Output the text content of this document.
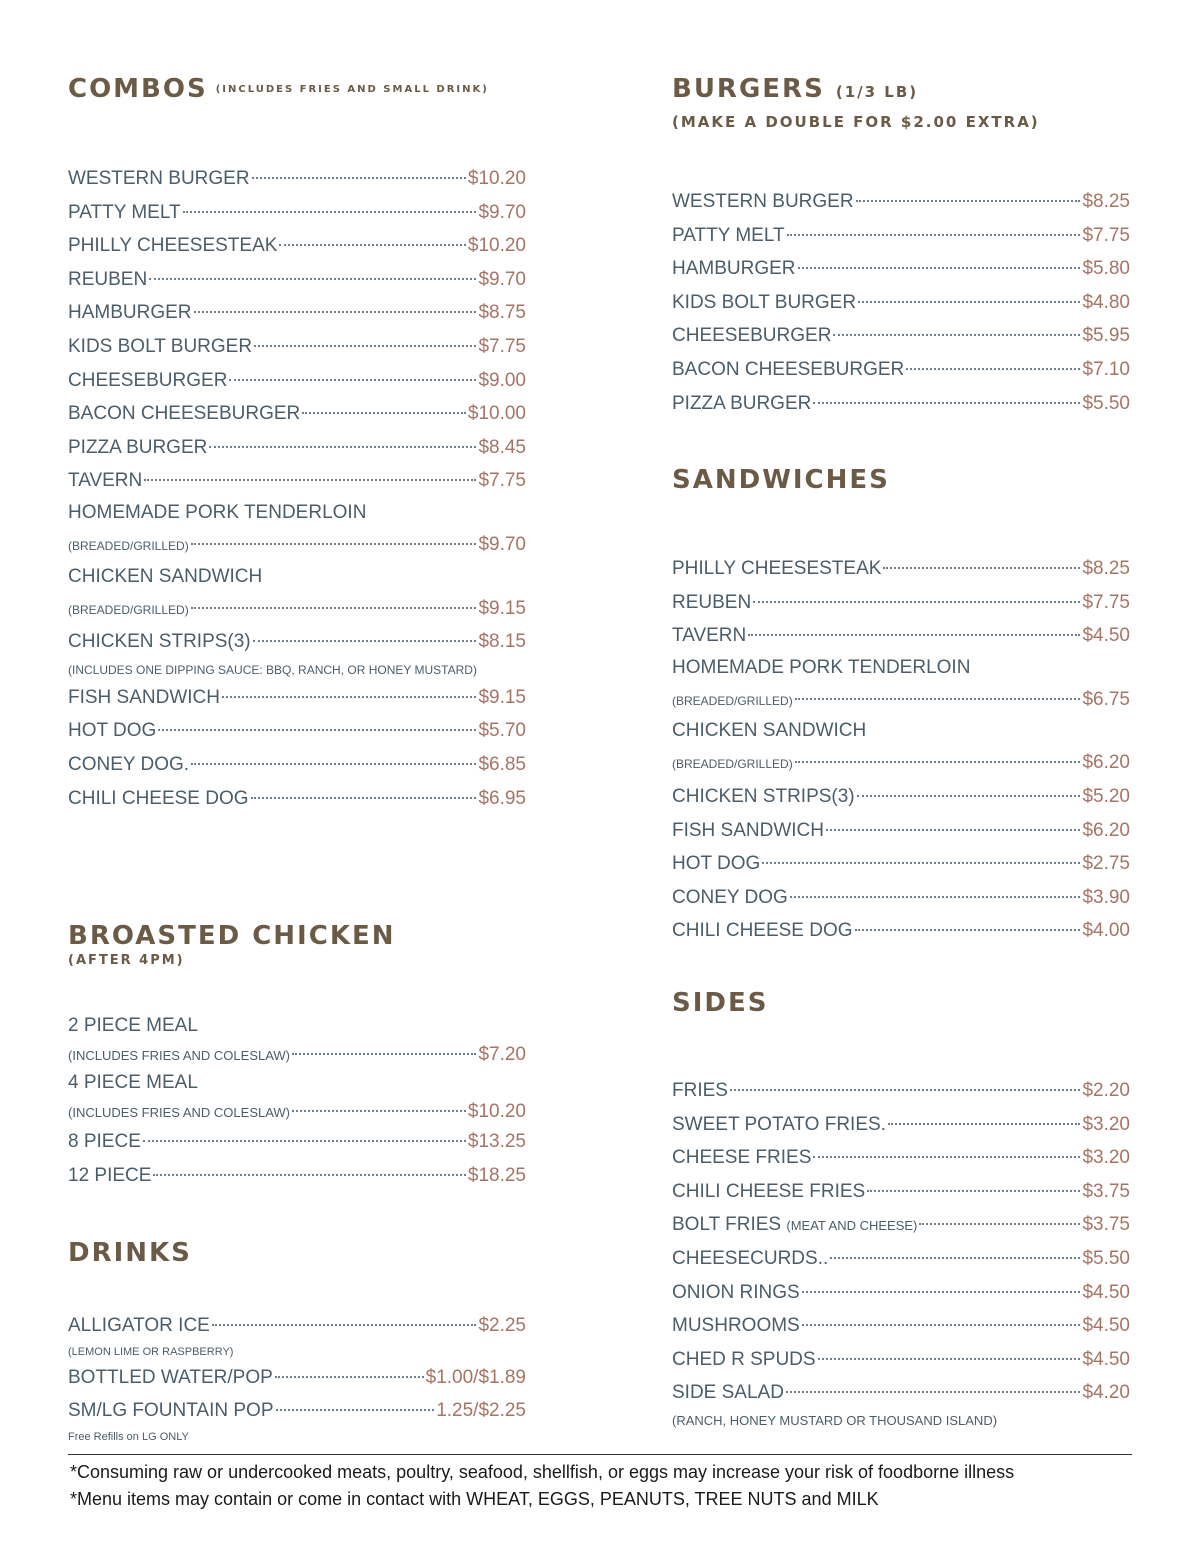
COMBOS (INCLUDES FRIES AND SMALL DRINK)
WESTERN BURGER	$10.20
PATTY MELT	$9.70
PHILLY CHEESESTEAK	$10.20
REUBEN	$9.70
HAMBURGER	$8.75
KIDS BOLT BURGER	$7.75
CHEESEBURGER	$9.00
BACON CHEESEBURGER	$10.00
PIZZA BURGER	$8.45
TAVERN	$7.75
HOMEMADE PORK TENDERLOIN
(BREADED/GRILLED)	$9.70
CHICKEN SANDWICH
(BREADED/GRILLED)	$9.15
CHICKEN STRIPS(3)	$8.15
(INCLUDES ONE DIPPING SAUCE: BBQ, RANCH, OR HONEY MUSTARD)
FISH SANDWICH	$9.15
HOT DOG	$5.70
CONEY DOG.	$6.85
CHILI CHEESE DOG	$6.95
BROASTED CHICKEN
(AFTER 4PM)
2 PIECE MEAL
(INCLUDES FRIES AND COLESLAW)	$7.20
4 PIECE MEAL
(INCLUDES FRIES AND COLESLAW)	$10.20
8 PIECE	$13.25
12 PIECE	$18.25
DRINKS
ALLIGATOR ICE	$2.25
(LEMON LIME OR RASPBERRY)
BOTTLED WATER/POP	$1.00/$1.89
SM/LG FOUNTAIN POP	1.25/$2.25
Free Refills on LG ONLY
BURGERS (1/3 LB)
(MAKE A DOUBLE FOR $2.00 EXTRA)
WESTERN BURGER	$8.25
PATTY MELT	$7.75
HAMBURGER	$5.80
KIDS BOLT BURGER	$4.80
CHEESEBURGER	$5.95
BACON CHEESEBURGER	$7.10
PIZZA BURGER	$5.50
SANDWICHES
PHILLY CHEESESTEAK	$8.25
REUBEN	$7.75
TAVERN	$4.50
HOMEMADE PORK TENDERLOIN
(BREADED/GRILLED)	$6.75
CHICKEN SANDWICH
(BREADED/GRILLED)	$6.20
CHICKEN STRIPS(3)	$5.20
FISH SANDWICH	$6.20
HOT DOG	$2.75
CONEY DOG	$3.90
CHILI CHEESE DOG	$4.00
SIDES
FRIES	$2.20
SWEET POTATO FRIES.	$3.20
CHEESE FRIES	$3.20
CHILI CHEESE FRIES	$3.75
BOLT FRIES (MEAT AND CHEESE)	$3.75
CHEESECURDS..	$5.50
ONION RINGS	$4.50
MUSHROOMS	$4.50
CHED R SPUDS	$4.50
SIDE SALAD	$4.20
(RANCH, HONEY MUSTARD OR THOUSAND ISLAND)
*Consuming raw or undercooked meats, poultry, seafood, shellfish, or eggs may increase your risk of foodborne illness
*Menu items may contain or come in contact with WHEAT, EGGS, PEANUTS, TREE NUTS and MILK
